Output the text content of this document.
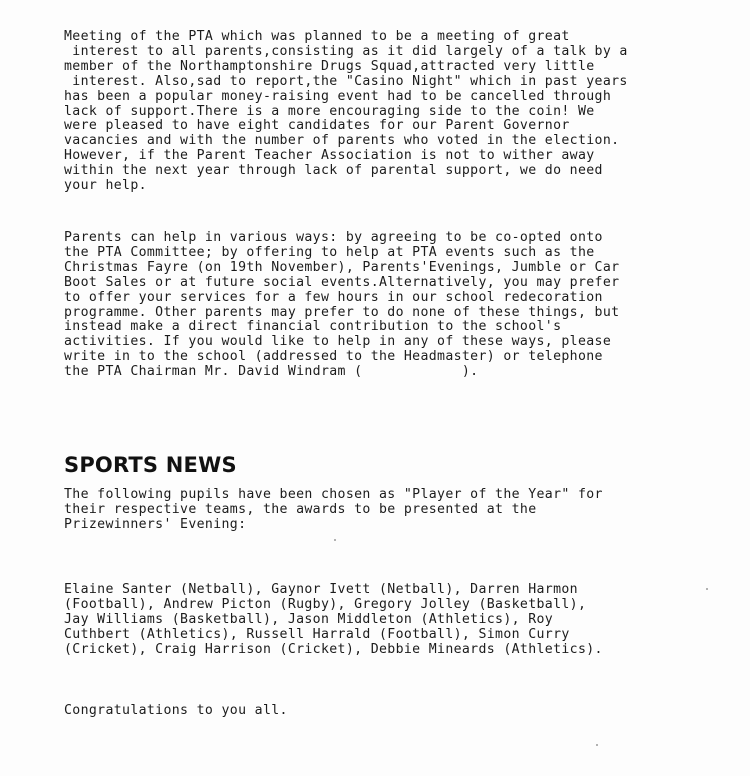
Meeting of the PTA which was planned to be a meeting of great
interest to all parents,consisting as it did largely of a talk by a
member of the Northamptonshire Drugs Squad,attracted very little
interest. Also,sad to report,the "Casino Night" which in past years
has been a popular money-raising event had to be cancelled through
lack of support.There is a more encouraging side to the coin! We
were pleased to have eight candidates for our Parent Governor
vacancies and with the number of parents who voted in the election.
However, if the Parent Teacher Association is not to wither away
within the next year through lack of parental support, we do need
your help.

Parents can help in various ways: by agreeing to be co-opted onto
the PTA Committee; by offering to help at PTA events such as the
Christmas Fayre (on 19th November), Parents'Evenings, Jumble or Car
Boot Sales or at future social events.Alternatively, you may prefer
to offer your services for a few hours in our school redecoration
programme. Other parents may prefer to do none of these things, but
instead make a direct financial contribution to the school's
activities. If you would like to help in any of these ways, please
write in to the school (addressed to the Headmaster) or telephone
the PTA Chairman Mr. David Windram (            ).

SPORTS NEWS

The following pupils have been chosen as "Player of the Year" for
their respective teams, the awards to be presented at the
Prizewinners' Evening:

Elaine Santer (Netball), Gaynor Ivett (Netball), Darren Harmon
(Football), Andrew Picton (Rugby), Gregory Jolley (Basketball),
Jay Williams (Basketball), Jason Middleton (Athletics), Roy
Cuthbert (Athletics), Russell Harrald (Football), Simon Curry
(Cricket), Craig Harrison (Cricket), Debbie Mineards (Athletics).

Congratulations to you all.
